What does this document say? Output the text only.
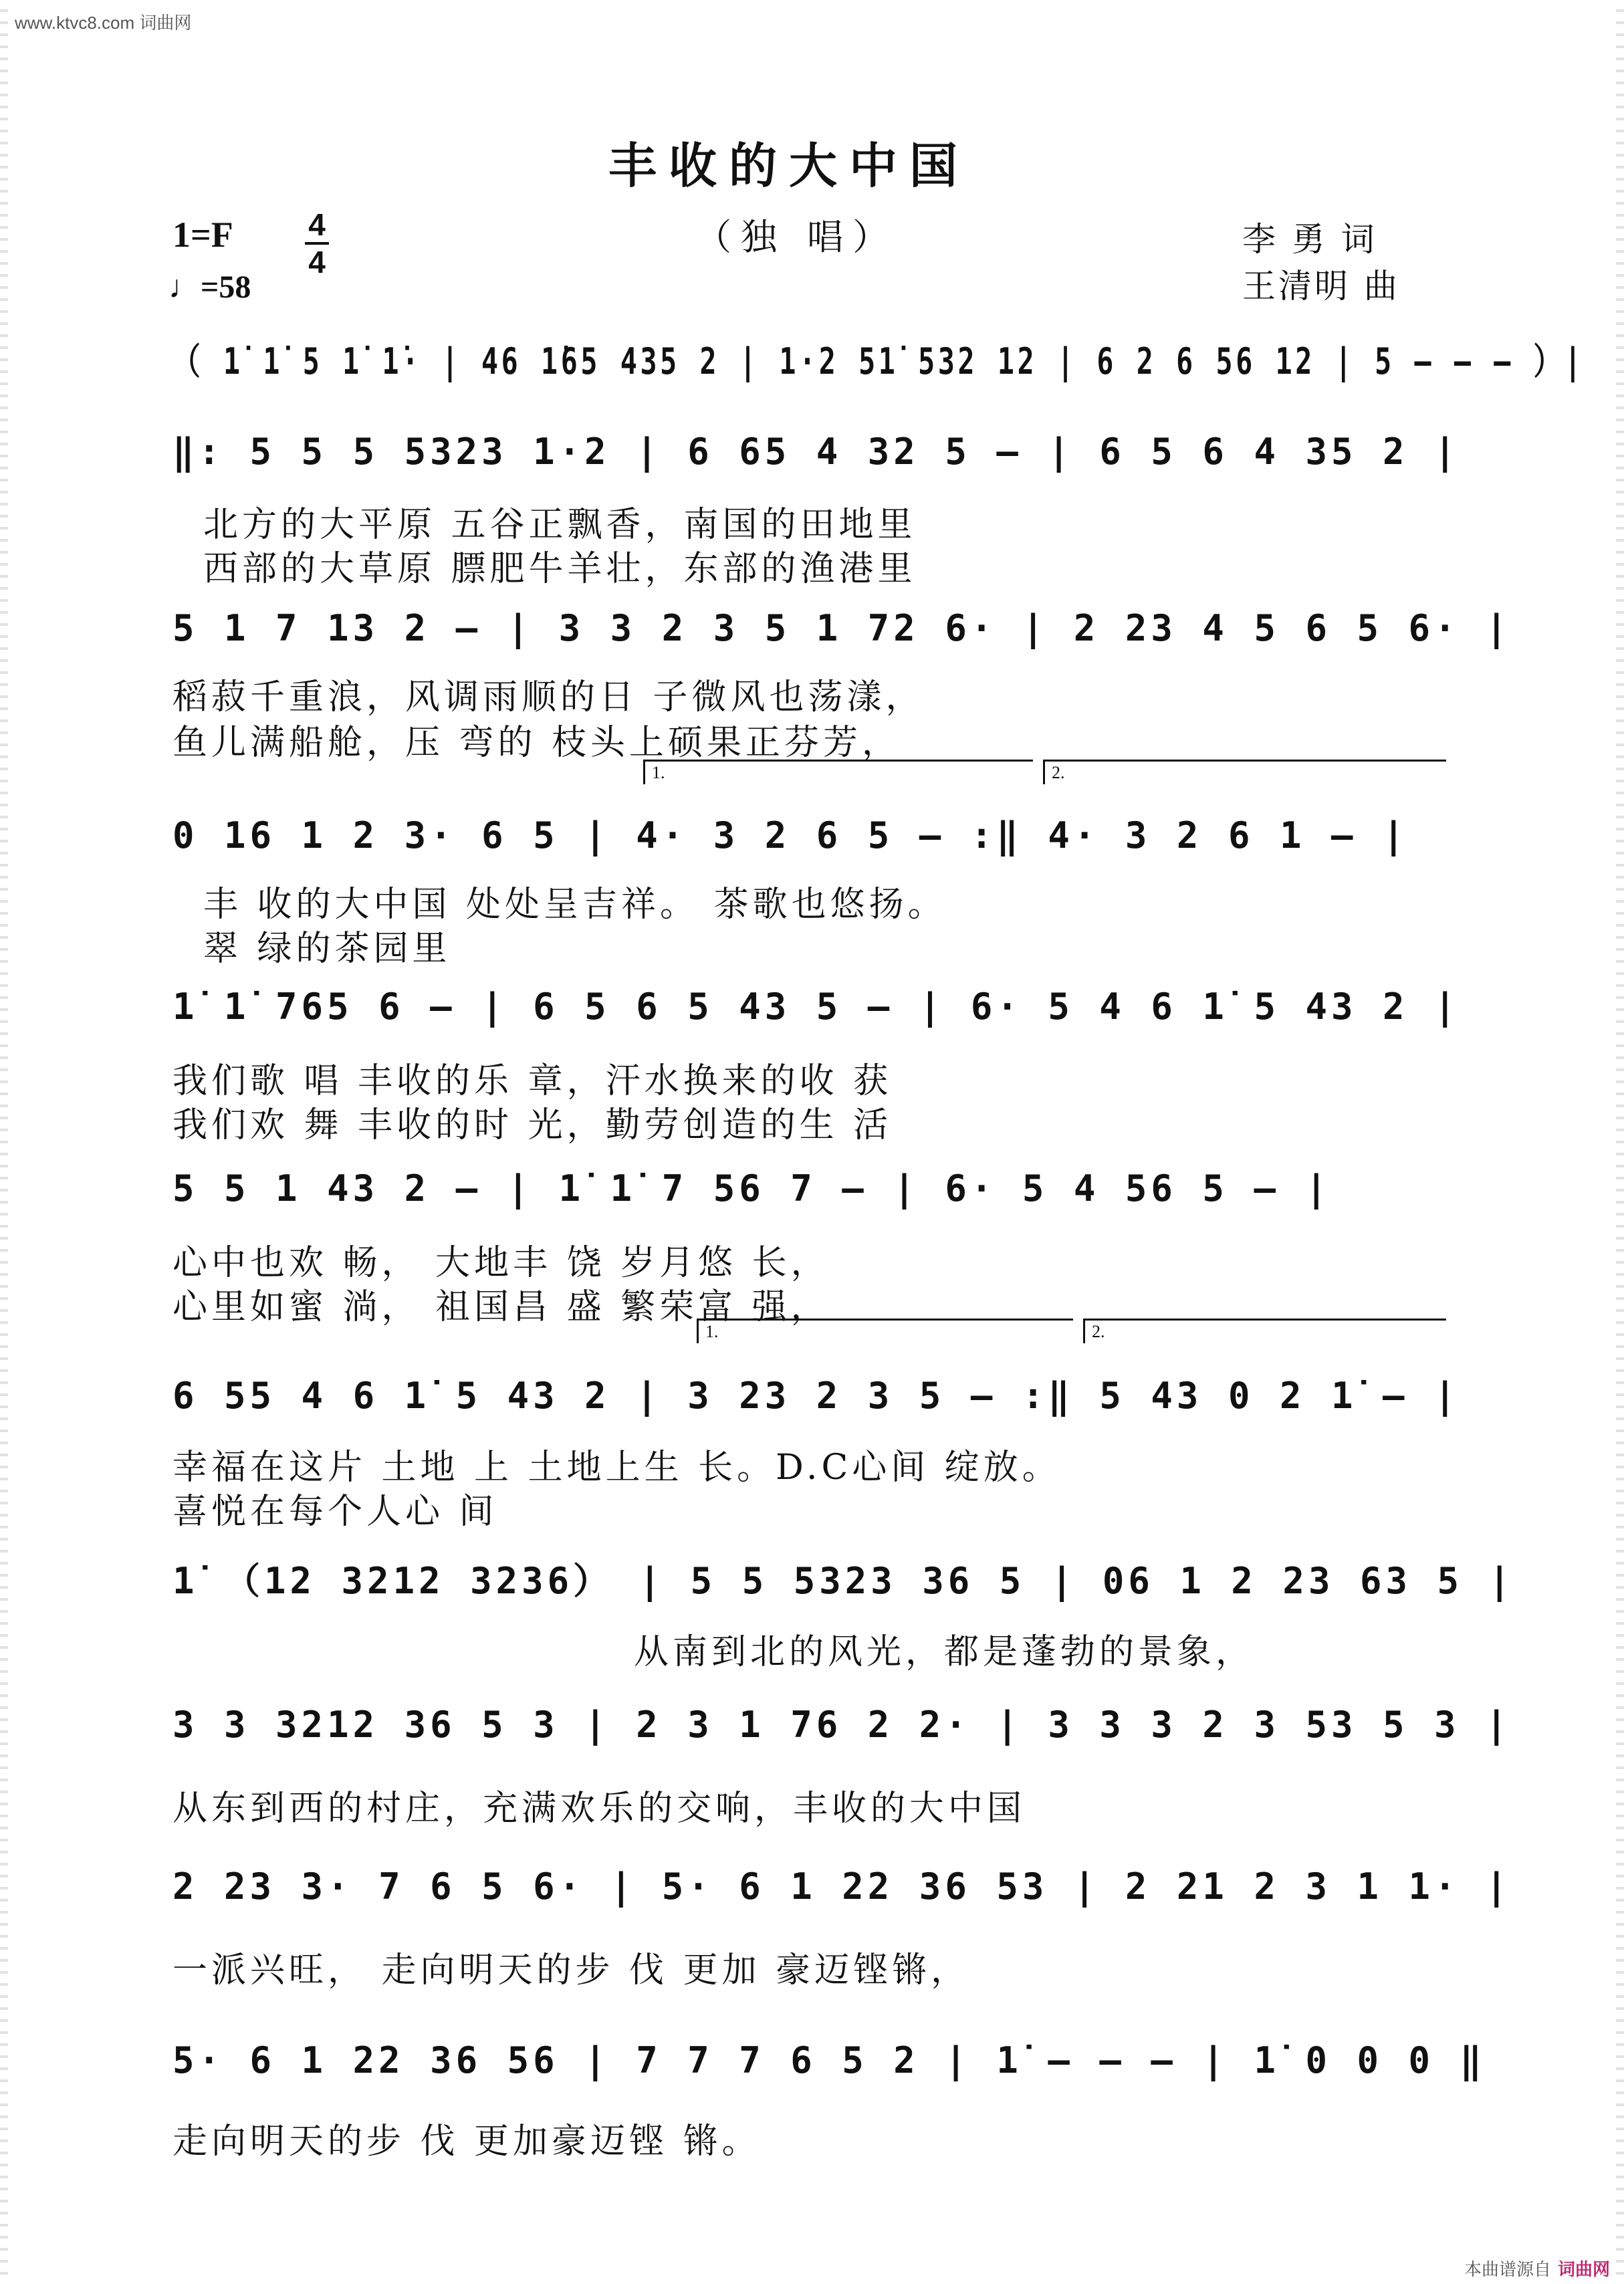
www.ktvc8.com 词曲网
丰收的大中国
（独 唱）
1=F 4
4
♩=58
李 勇 词
王清明 曲
（ 1̇ 1̇ 5 1̇ 1̇· | 46 1̇65 435 2 | 1·2 51̇ 532 12 | 6 2 6 56 12 | 5 – – – ）|
‖: 5 5 5 5323 1·2 | 6 65 4 32 5 – | 6 5 6 4 35 2 |
北方的大平原 五谷正飘香，南国的田地里
西部的大草原 膘肥牛羊壮，东部的渔港里
5 1 7 13 2 – | 3 3 2 3 5 1 72 6· | 2 23 4 5 6 5 6· |
稻菽千重浪，风调雨顺的日 子微风也荡漾，
鱼儿满船舱，压 弯的 枝头上硕果正芬芳，
1.	2.
0 16 1 2 3· 6 5 | 4· 3 2 6 5 – :‖ 4· 3 2 6 1 – |
丰 收的大中国 处处呈吉祥。 茶歌也悠扬。
翠 绿的茶园里
1̇ 1̇ 765 6 – | 6 5 6 5 43 5 – | 6· 5 4 6 1̇ 5 43 2 |
我们歌 唱 丰收的乐 章，汗水换来的收 获
我们欢 舞 丰收的时 光，勤劳创造的生 活
5 5 1 43 2 – | 1̇ 1̇ 7 56 7 – | 6· 5 4 56 5 – |
心中也欢 畅， 大地丰 饶 岁月悠 长，
心里如蜜 淌， 祖国昌 盛 繁荣富 强，
1.	2.
6 55 4 6 1̇ 5 43 2 | 3 23 2 3 5 – :‖ 5 43 0 2 1̇ – |
幸福在这片 土地 上 土地上生 长。D.C心间 绽放。
喜悦在每个人心 间
1̇ （12 3212 3236） | 5 5 5323 36 5 | 06 1 2 23 63 5 |
从南到北的风光，都是蓬勃的景象，
3 3 3212 36 5 3 | 2 3 1 76 2 2· | 3 3 3 2 3 53 5 3 |
从东到西的村庄，充满欢乐的交响，丰收的大中国
2 23 3· 7 6 5 6· | 5· 6 1 22 36 53 | 2 21 2 3 1 1· |
一派兴旺， 走向明天的步 伐 更加 豪迈铿锵，
5· 6 1 22 36 56 | 7 7 7 6 5 2 | 1̇ – – – | 1̇ 0 0 0 ‖
走向明天的步 伐 更加豪迈铿 锵。
本曲谱源自 词曲网
